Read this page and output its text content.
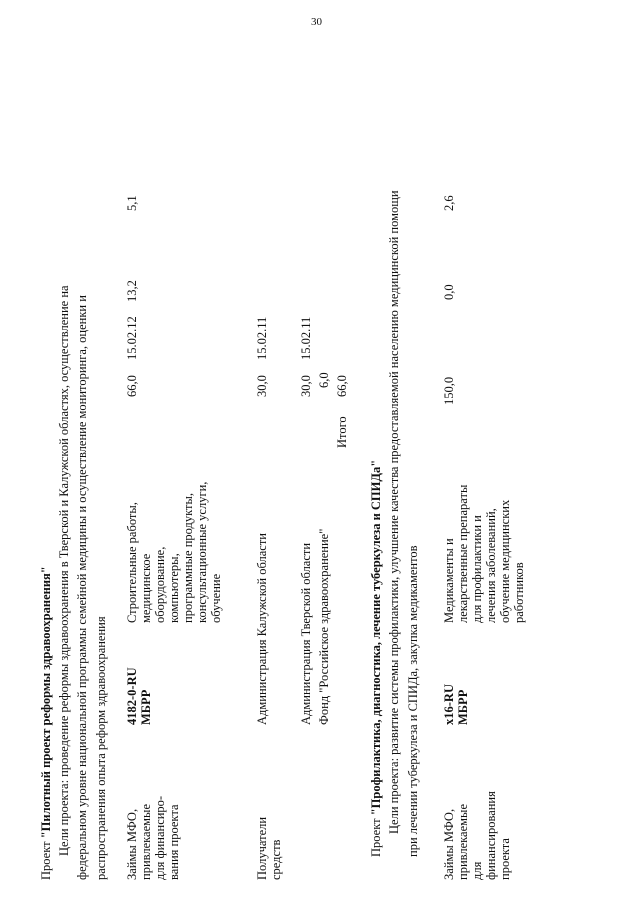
30
Проект "Пилотный проект реформы здравоохранения" Цели проекта: проведение реформы здравоохранения в Тверской и Калужской областях, осуществление на федеральном уровне национальной программы семейной медицины и осуществление мониторинга, оценки и распространения опыта реформ здравоохранения Займы МФО,
привлекаемые
для финансиро-
вания проекта
4182-0-RU
МБРР
Строительные работы,
медицинское
оборудование,
компьютеры,
программные продукты,
консультационные услуги,
обучение
66,0
15.02.12
13,2
5,1
Получатели
средств
Администрация Калужской области
30,0
15.02.11
Администрация Тверской области
30,0
15.02.11
Фонд "Российское здравоохранение"
6,0
Итого
66,0
Проект "Профилактика, диагностика, лечение туберкулеза и СПИДа" Цели проекта: развитие системы профилактики, улучшение качества предоставляемой населению медицинской помощи при лечении туберкулеза и СПИДа, закупка медикаментов
Займы МФО,
привлекаемые
для
финансирования
проекта
x16-RU
МБРР
Медикаменты и
лекарственные препараты
для профилактики и
лечения заболеваний,
обучение медицинских
работников
150,0
0,0
2,6
